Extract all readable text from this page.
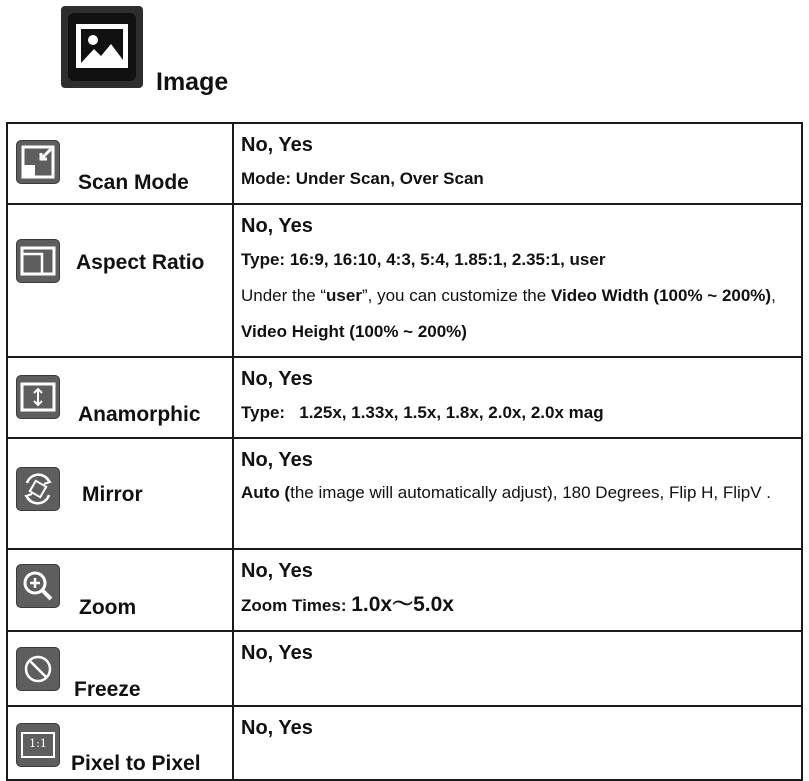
Image
Scan Mode	No, Yes
Mode: Under Scan, Over Scan

Aspect Ratio	No, Yes
Type: 16:9, 16:10, 4:3, 5:4, 1.85:1, 2.35:1, user
Under the “user”, you can customize the Video Width (100% ~ 200%), Video Height (100% ~ 200%)

Anamorphic	No, Yes
Type:   1.25x, 1.33x, 1.5x, 1.8x, 2.0x, 2.0x mag

Mirror	No, Yes
Auto (the image will automatically adjust), 180 Degrees, Flip H, FlipV .

Zoom	No, Yes
Zoom Times: 1.0x～5.0x

Freeze	No, Yes

1:1
Pixel to Pixel	No, Yes
